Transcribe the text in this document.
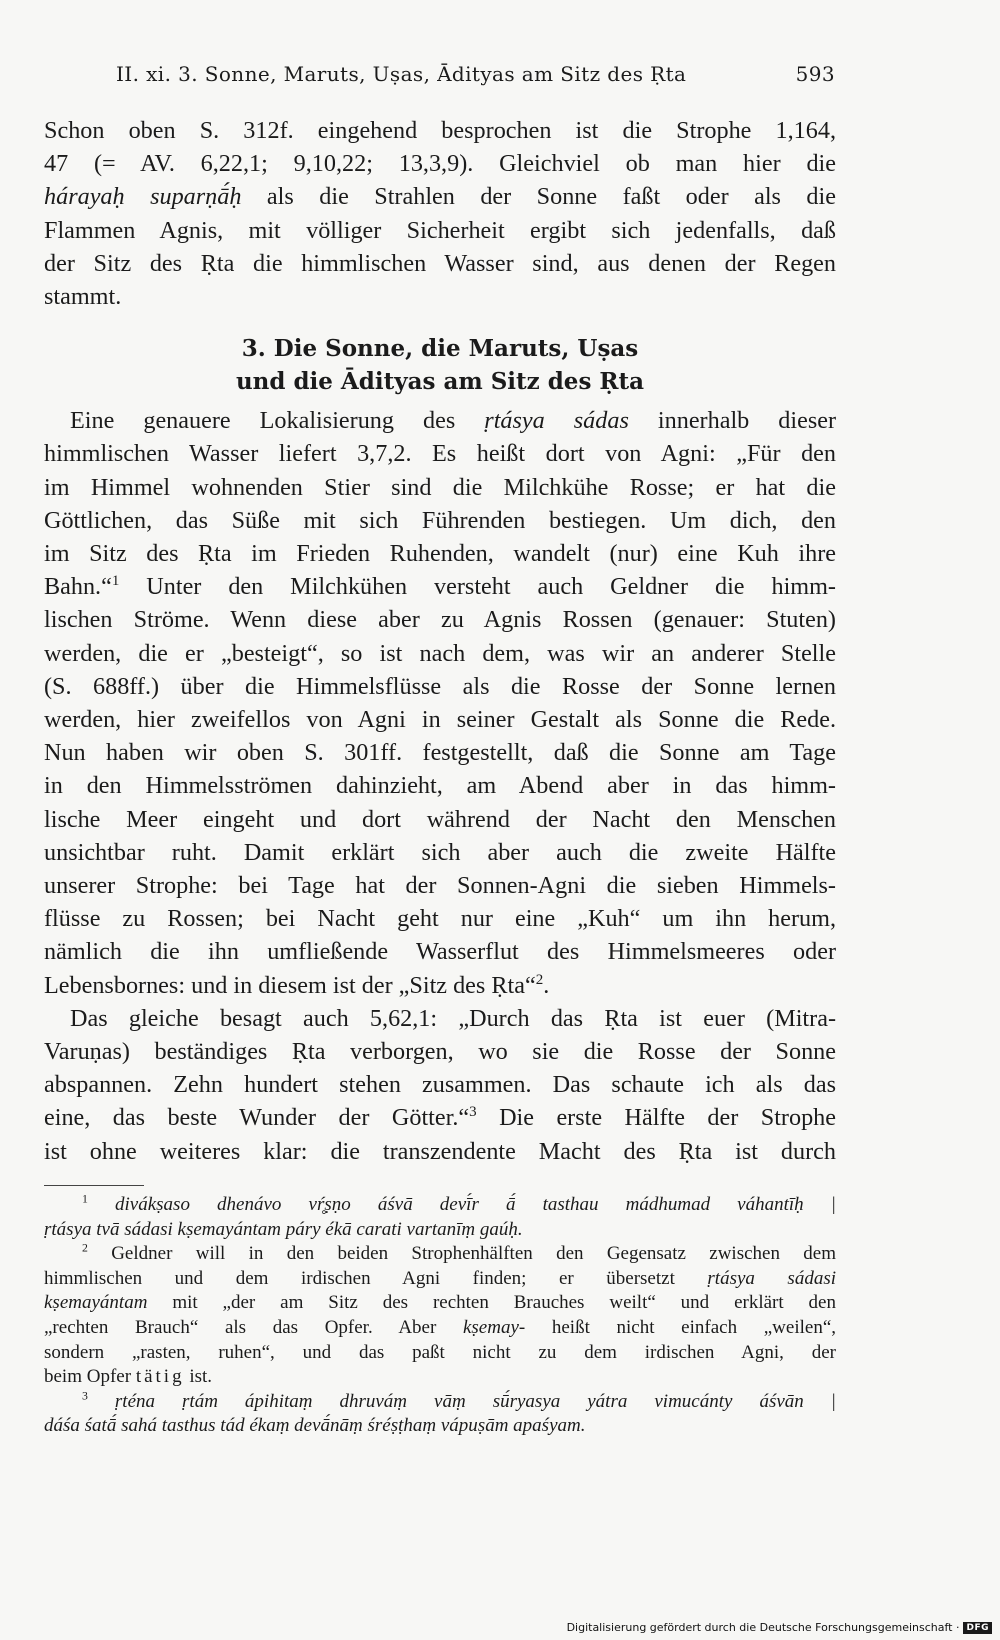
II. xi. 3. Sonne, Maruts, Uṣas, Ādityas am Sitz des Ṛta	593

Schon oben S. 312f. eingehend besprochen ist die Strophe 1,164,
47 (= AV. 6,22,1; 9,10,22; 13,3,9). Gleichviel ob man hier die
hárayaḥ suparṇā́ḥ als die Strahlen der Sonne faßt oder als die
Flammen Agnis, mit völliger Sicherheit ergibt sich jedenfalls, daß
der Sitz des Ṛta die himmlischen Wasser sind, aus denen der Regen
stammt.

3. Die Sonne, die Maruts, Uṣas
und die Ādityas am Sitz des Ṛta

Eine genauere Lokalisierung des ṛtásya sádas innerhalb dieser
himmlischen Wasser liefert 3,7,2. Es heißt dort von Agni: „Für den
im Himmel wohnenden Stier sind die Milchkühe Rosse; er hat die
Göttlichen, das Süße mit sich Führenden bestiegen. Um dich, den
im Sitz des Ṛta im Frieden Ruhenden, wandelt (nur) eine Kuh ihre
Bahn.“$^1$ Unter den Milchkühen versteht auch Geldner die himm-
lischen Ströme. Wenn diese aber zu Agnis Rossen (genauer: Stuten)
werden, die er „besteigt“, so ist nach dem, was wir an anderer Stelle
(S. 688ff.) über die Himmelsflüsse als die Rosse der Sonne lernen
werden, hier zweifellos von Agni in seiner Gestalt als Sonne die Rede.
Nun haben wir oben S. 301ff. festgestellt, daß die Sonne am Tage
in den Himmelsströmen dahinzieht, am Abend aber in das himm-
lische Meer eingeht und dort während der Nacht den Menschen
unsichtbar ruht. Damit erklärt sich aber auch die zweite Hälfte
unserer Strophe: bei Tage hat der Sonnen-Agni die sieben Himmels-
flüsse zu Rossen; bei Nacht geht nur eine „Kuh“ um ihn herum,
nämlich die ihn umfließende Wasserflut des Himmelsmeeres oder
Lebensbornes: und in diesem ist der „Sitz des Ṛta“$^2$.

Das gleiche besagt auch 5,62,1: „Durch das Ṛta ist euer (Mitra-
Varuṇas) beständiges Ṛta verborgen, wo sie die Rosse der Sonne
abspannen. Zehn hundert stehen zusammen. Das schaute ich als das
eine, das beste Wunder der Götter.“$^3$ Die erste Hälfte der Strophe
ist ohne weiteres klar: die transzendente Macht des Ṛta ist durch

$^1$ divákṣaso dhenávo vŕ̥ṣṇo áśvā devī́r ā́ tasthau mádhumad váhantīḥ |
ṛtásya tvā sádasi kṣemayántam páry ékā carati vartanīṃ gaúḥ.
$^2$ Geldner will in den beiden Strophenhälften den Gegensatz zwischen dem
himmlischen und dem irdischen Agni finden; er übersetzt ṛtásya sádasi
kṣemayántam mit „der am Sitz des rechten Brauches weilt“ und erklärt den
„rechten Brauch“ als das Opfer. Aber kṣemay- heißt nicht einfach „weilen“,
sondern „rasten, ruhen“, und das paßt nicht zu dem irdischen Agni, der
beim Opfer tätig ist.
$^3$ ṛténa ṛtám ápihitaṃ dhruváṃ vāṃ sū́ryasya yátra vimucánty áśvān |
dáśa śatā́ sahá tasthus tád ékaṃ devā́nāṃ śréṣṭhaṃ vápuṣām apaśyam.
Digitalisierung gefördert durch die Deutsche Forschungsgemeinschaft · DFG
